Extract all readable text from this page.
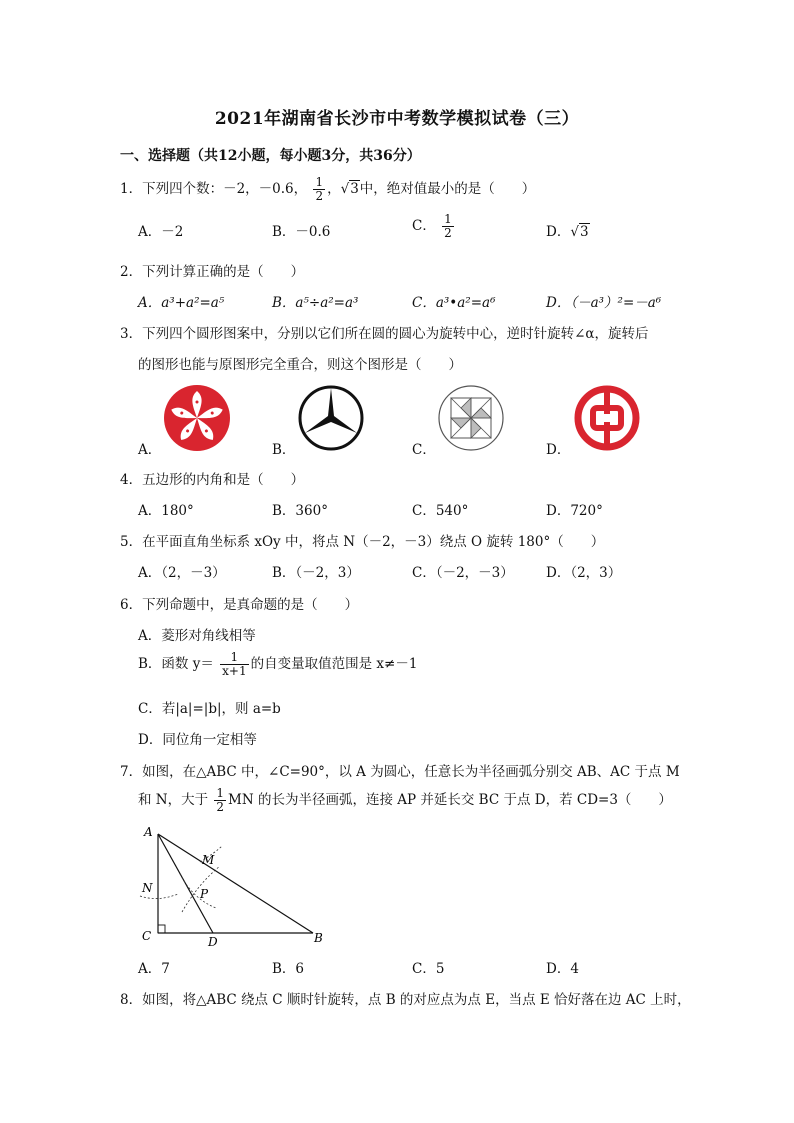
2021年湖南省长沙市中考数学模拟试卷（三）
一、选择题（共12小题，每小题3分，共36分）
1．下列四个数：－2，－0.6， $\frac{1}{2}$ ，√3中，绝对值最小的是（　　）
A．－2	B．－0.6	C． $\frac{1}{2}$	D．√3
2．下列计算正确的是（　　）
A．a³+a²=a⁵	B．a⁵÷a²=a³	C．a³•a²=a⁶	D．（－a³）²=－a⁶
3．下列四个圆形图案中，分别以它们所在圆的圆心为旋转中心，逆时针旋转∠α，旋转后
的图形也能与原图形完全重合，则这个图形是（　　）
A．	B．	C．	D．
4．五边形的内角和是（　　）
A．180°	B．360°	C．540°	D．720°
5．在平面直角坐标系 xOy 中，将点 N（－2，－3）绕点 O 旋转 180°（　　）
A．（2，－3）	B．（－2，3）	C．（－2，－3） D．（2，3）
6．下列命题中，是真命题的是（　　）
A．菱形对角线相等
B．函数 $y= \frac{1}{x+1}$ 的自变量取值范围是 x≠－1
C．若|a|=|b|，则 a=b
D．同位角一定相等
7．如图，在△ABC 中，∠C=90°，以 A 为圆心，任意长为半径画弧分别交 AB、AC 于点 M
和 N，大于 $\frac{1}{2}$ MN 的长为半径画弧，连接 AP 并延长交 BC 于点 D，若 CD=3（　　）
A
B
C	D
M
N	P
A．7	B．6	C．5	D．4
8．如图，将△ABC 绕点 C 顺时针旋转，点 B 的对应点为点 E，当点 E 恰好落在边 AC 上时，
